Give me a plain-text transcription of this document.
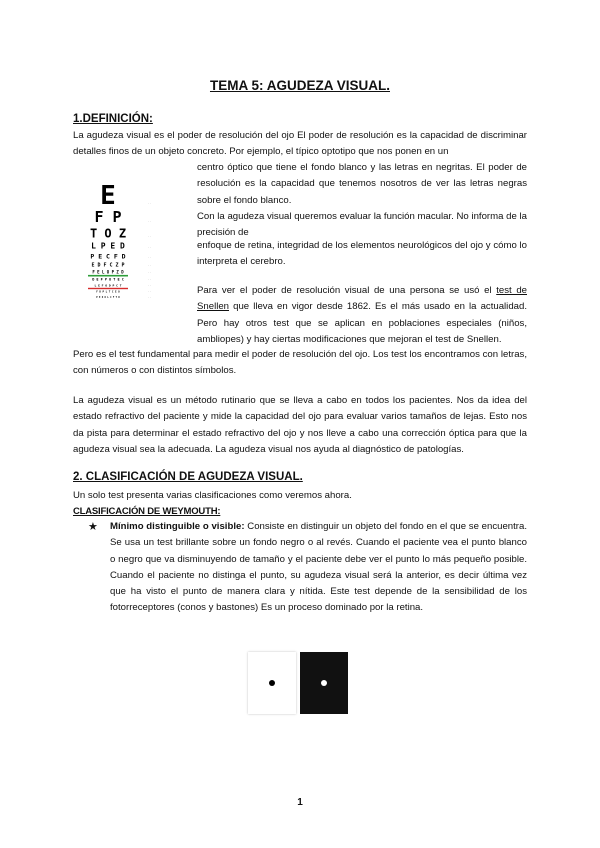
TEMA 5: AGUDEZA VISUAL.
1.DEFINICIÓN:

La agudeza visual es el poder de resolución del ojo El poder de resolución es la capacidad de discriminar detalles finos de un objeto concreto. Por ejemplo, el típico optotipo que nos ponen en un

E	· ·
F P	· ·
T O Z	· ·
L P E D	· ·
P E C F D	· ·
E D F C Z P	· ·
F E L O P Z D	· ·
D E F P O T E C	· ·
L E F O D P C T	· ·
F D P L T C E O	· ·
P E Z O L C F T D	· ·

centro óptico que tiene el fondo blanco y las letras en negritas. El poder de resolución es la capacidad que tenemos nosotros de ver las letras negras sobre el fondo blanco.

Con la agudeza visual queremos evaluar la función macular. No informa de la precisión de

enfoque de retina, integridad de los elementos neurológicos del ojo y cómo lo interpreta el cerebro.

Para ver el poder de resolución visual de una persona se usó el test de Snellen que lleva en vigor desde 1862. Es el más usado en la actualidad. Pero hay otros test que se aplican en poblaciones especiales (niños, ambliopes) y hay ciertas modificaciones que mejoran el test de Snellen.

Pero es el test fundamental para medir el poder de resolución del ojo. Los test los encontramos con letras, con números o con distintos símbolos.

La agudeza visual es un método rutinario que se lleva a cabo en todos los pacientes. Nos da idea del estado refractivo del paciente y mide la capacidad del ojo para evaluar varios tamaños de lejas. Esto nos da pista para determinar el estado refractivo del ojo y nos lleve a cabo una corrección óptica para que la agudeza visual sea la adecuada. La agudeza visual nos ayuda al diagnóstico de patologías.

2. CLASIFICACIÓN DE AGUDEZA VISUAL.

Un solo test presenta varias clasificaciones como veremos ahora.

CLASIFICACIÓN DE WEYMOUTH:
★ Mínimo distinguible o visible: Consiste en distinguir un objeto del fondo en el que se encuentra. Se usa un test brillante sobre un fondo negro o al revés. Cuando el paciente vea el punto blanco o negro que va disminuyendo de tamaño y el paciente debe ver el punto lo más pequeño posible. Cuando el paciente no distinga el punto, su agudeza visual será la anterior, es decir última vez que ha visto el punto de manera clara y nítida. Este test depende de la sensibilidad de los fotorreceptores (conos y bastones) Es un proceso dominado por la retina.

1
